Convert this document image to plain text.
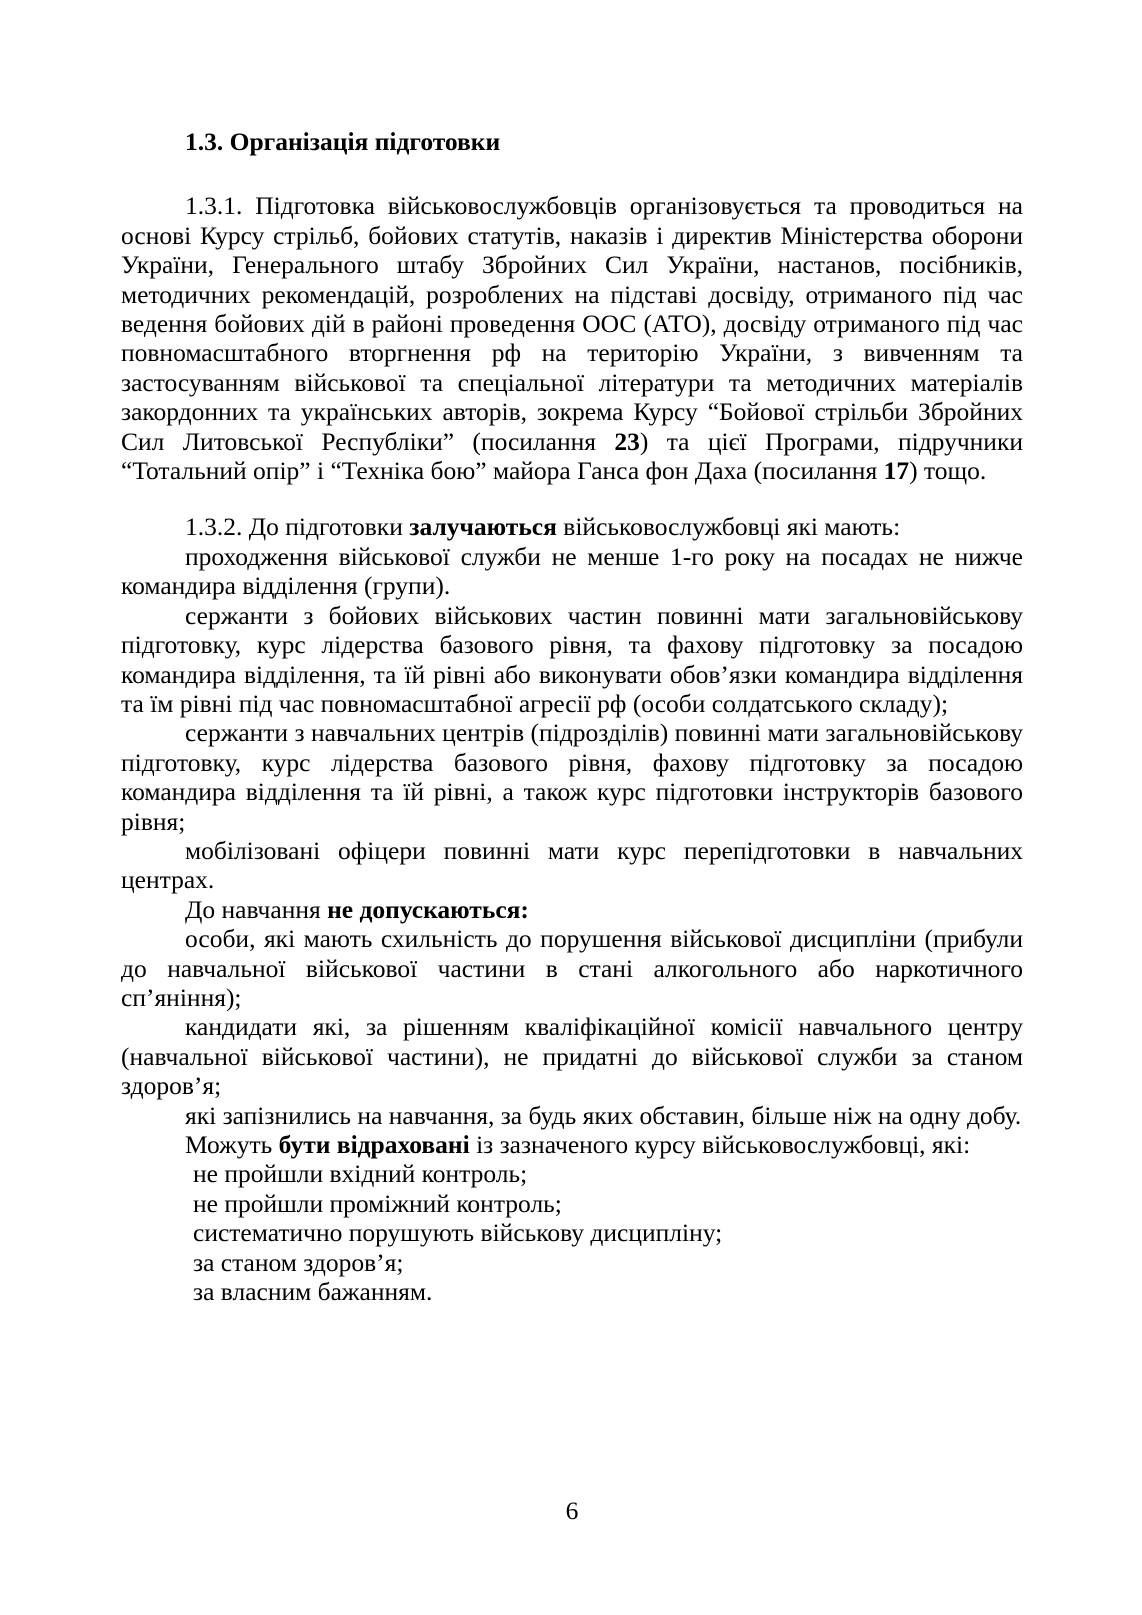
1.3. Організація підготовки

1.3.1. Підготовка військовослужбовців організовується та проводиться на основі Курсу стрільб, бойових статутів, наказів і директив Міністерства оборони України, Генерального штабу Збройних Сил України, настанов, посібників, методичних рекомендацій, розроблених на підставі досвіду, отриманого під час ведення бойових дій в районі проведення ООС (АТО), досвіду отриманого під час повномасштабного вторгнення рф на територію України, з вивченням та застосуванням військової та спеціальної літератури та методичних матеріалів закордонних та українських авторів, зокрема Курсу “Бойової стрільби Збройних Сил Литовської Республіки” (посилання 23) та цієї Програми, підручники “Тотальний опір” і “Техніка бою” майора Ганса фон Даха (посилання 17) тощо.

1.3.2. До підготовки залучаються військовослужбовці які мають:

проходження військової служби не менше 1-го року на посадах не нижче командира відділення (групи).

сержанти з бойових військових частин повинні мати загальновійськову підготовку, курс лідерства базового рівня, та фахову підготовку за посадою командира відділення, та їй рівні або виконувати обов’язки командира відділення та їм рівні під час повномасштабної агресії рф (особи солдатського складу);

сержанти з навчальних центрів (підрозділів) повинні мати загальновійськову підготовку, курс лідерства базового рівня, фахову підготовку за посадою командира відділення та їй рівні, а також курс підготовки інструкторів базового рівня;

мобілізовані офіцери повинні мати курс перепідготовки в навчальних центрах.

До навчання не допускаються:

особи, які мають схильність до порушення військової дисципліни (прибули до навчальної військової частини в стані алкогольного або наркотичного сп’яніння);

кандидати які, за рішенням кваліфікаційної комісії навчального центру (навчальної військової частини), не придатні до військової служби за станом здоров’я;

які запізнились на навчання, за будь яких обставин, більше ніж на одну добу.

Можуть бути відраховані із зазначеного курсу військовослужбовці, які:

не пройшли вхідний контроль;

не пройшли проміжний контроль;

систематично порушують військову дисципліну;

за станом здоров’я;

за власним бажанням.

6
